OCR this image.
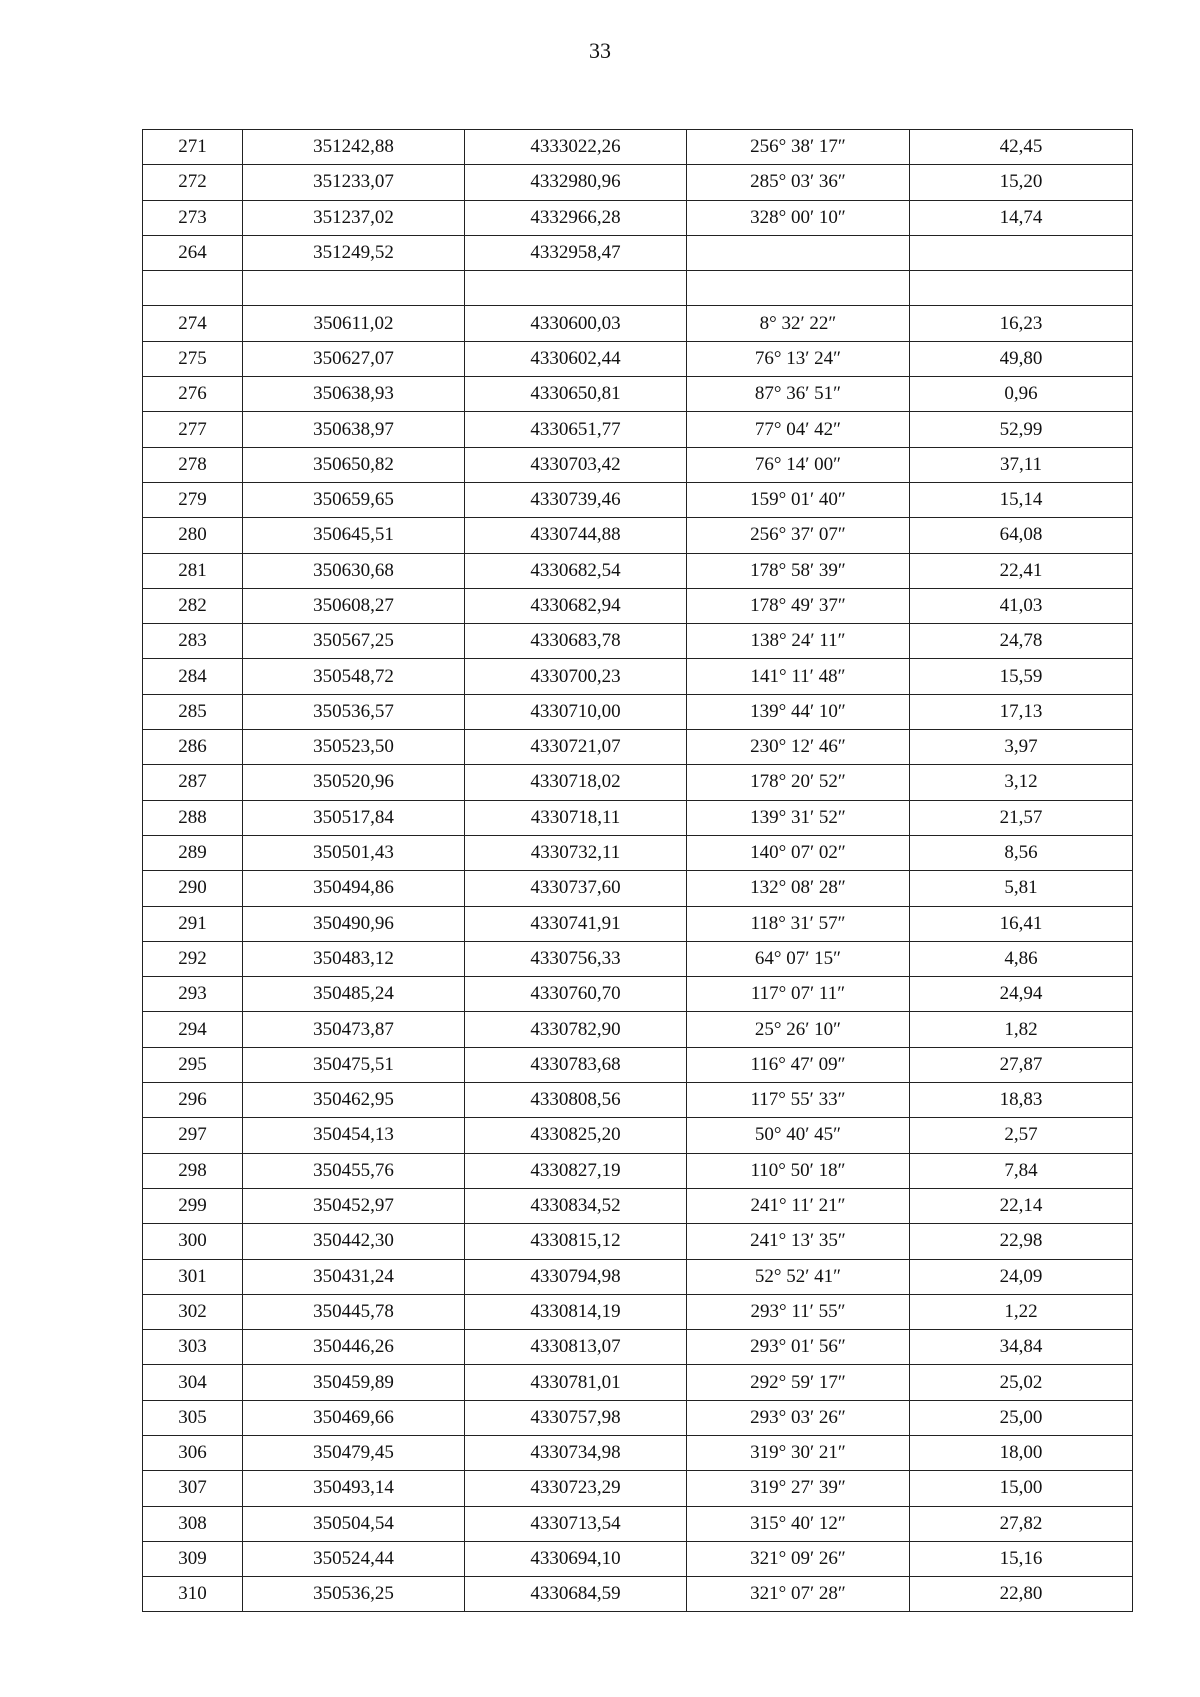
33
271	351242,88	4333022,26	256° 38′ 17″	42,45
272	351233,07	4332980,96	285° 03′ 36″	15,20
273	351237,02	4332966,28	328° 00′ 10″	14,74
264	351249,52	4332958,47		

274	350611,02	4330600,03	8° 32′ 22″	16,23
275	350627,07	4330602,44	76° 13′ 24″	49,80
276	350638,93	4330650,81	87° 36′ 51″	0,96
277	350638,97	4330651,77	77° 04′ 42″	52,99
278	350650,82	4330703,42	76° 14′ 00″	37,11
279	350659,65	4330739,46	159° 01′ 40″	15,14
280	350645,51	4330744,88	256° 37′ 07″	64,08
281	350630,68	4330682,54	178° 58′ 39″	22,41
282	350608,27	4330682,94	178° 49′ 37″	41,03
283	350567,25	4330683,78	138° 24′ 11″	24,78
284	350548,72	4330700,23	141° 11′ 48″	15,59
285	350536,57	4330710,00	139° 44′ 10″	17,13
286	350523,50	4330721,07	230° 12′ 46″	3,97
287	350520,96	4330718,02	178° 20′ 52″	3,12
288	350517,84	4330718,11	139° 31′ 52″	21,57
289	350501,43	4330732,11	140° 07′ 02″	8,56
290	350494,86	4330737,60	132° 08′ 28″	5,81
291	350490,96	4330741,91	118° 31′ 57″	16,41
292	350483,12	4330756,33	64° 07′ 15″	4,86
293	350485,24	4330760,70	117° 07′ 11″	24,94
294	350473,87	4330782,90	25° 26′ 10″	1,82
295	350475,51	4330783,68	116° 47′ 09″	27,87
296	350462,95	4330808,56	117° 55′ 33″	18,83
297	350454,13	4330825,20	50° 40′ 45″	2,57
298	350455,76	4330827,19	110° 50′ 18″	7,84
299	350452,97	4330834,52	241° 11′ 21″	22,14
300	350442,30	4330815,12	241° 13′ 35″	22,98
301	350431,24	4330794,98	52° 52′ 41″	24,09
302	350445,78	4330814,19	293° 11′ 55″	1,22
303	350446,26	4330813,07	293° 01′ 56″	34,84
304	350459,89	4330781,01	292° 59′ 17″	25,02
305	350469,66	4330757,98	293° 03′ 26″	25,00
306	350479,45	4330734,98	319° 30′ 21″	18,00
307	350493,14	4330723,29	319° 27′ 39″	15,00
308	350504,54	4330713,54	315° 40′ 12″	27,82
309	350524,44	4330694,10	321° 09′ 26″	15,16
310	350536,25	4330684,59	321° 07′ 28″	22,80
